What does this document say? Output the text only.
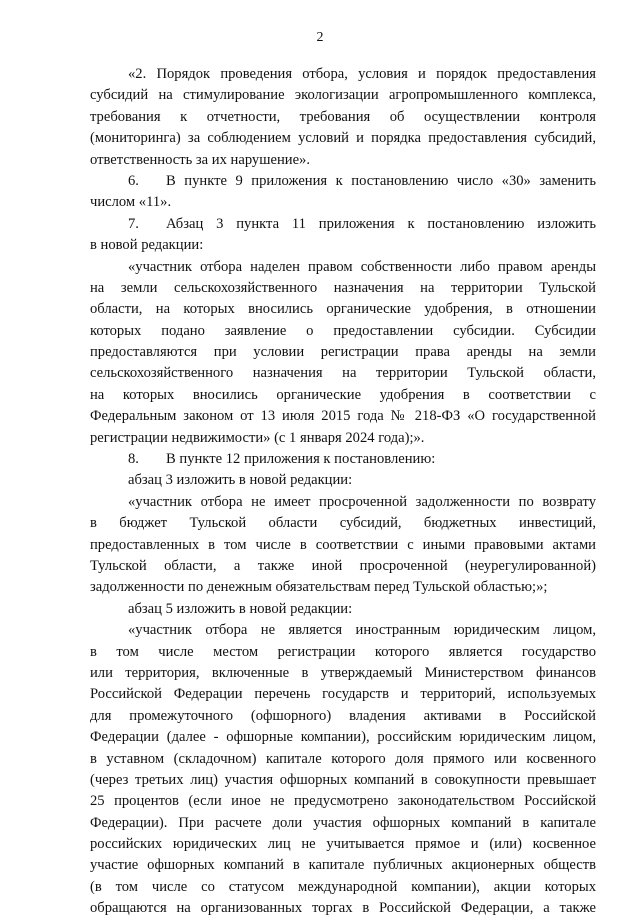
2
«2. Порядок проведения отбора, условия и порядок предоставления
субсидий на стимулирование экологизации агропромышленного комплекса,
требования к отчетности, требования об осуществлении контроля
(мониторинга) за соблюдением условий и порядка предоставления субсидий,
ответственность за их нарушение».
6.	В пункте 9 приложения к постановлению число «30» заменить
числом «11».
7.	Абзац 3 пункта 11 приложения к постановлению изложить
в новой редакции:
«участник отбора наделен правом собственности либо правом аренды
на земли сельскохозяйственного назначения на территории Тульской
области, на которых вносились органические удобрения, в отношении
которых подано заявление о предоставлении субсидии. Субсидии
предоставляются при условии регистрации права аренды на земли
сельскохозяйственного назначения на территории Тульской области,
на которых вносились органические удобрения в соответствии с
Федеральным законом от 13 июля 2015 года № 218-ФЗ «О государственной
регистрации недвижимости» (с 1 января 2024 года);».
8. В пункте 12 приложения к постановлению:
абзац 3 изложить в новой редакции:
«участник отбора не имеет просроченной задолженности по возврату
в бюджет Тульской области субсидий, бюджетных инвестиций,
предоставленных в том числе в соответствии с иными правовыми актами
Тульской области, а также иной просроченной (неурегулированной)
задолженности по денежным обязательствам перед Тульской областью;»;
абзац 5 изложить в новой редакции:
«участник отбора не является иностранным юридическим лицом,
в том числе местом регистрации которого является государство
или территория, включенные в утверждаемый Министерством финансов
Российской Федерации перечень государств и территорий, используемых
для промежуточного (офшорного) владения активами в Российской
Федерации (далее - офшорные компании), российским юридическим лицом,
в уставном (складочном) капитале которого доля прямого или косвенного
(через третьих лиц) участия офшорных компаний в совокупности превышает
25 процентов (если иное не предусмотрено законодательством Российской
Федерации). При расчете доли участия офшорных компаний в капитале
российских юридических лиц не учитывается прямое и (или) косвенное
участие офшорных компаний в капитале публичных акционерных обществ
(в том числе со статусом международной компании), акции которых
обращаются на организованных торгах в Российской Федерации, а также
